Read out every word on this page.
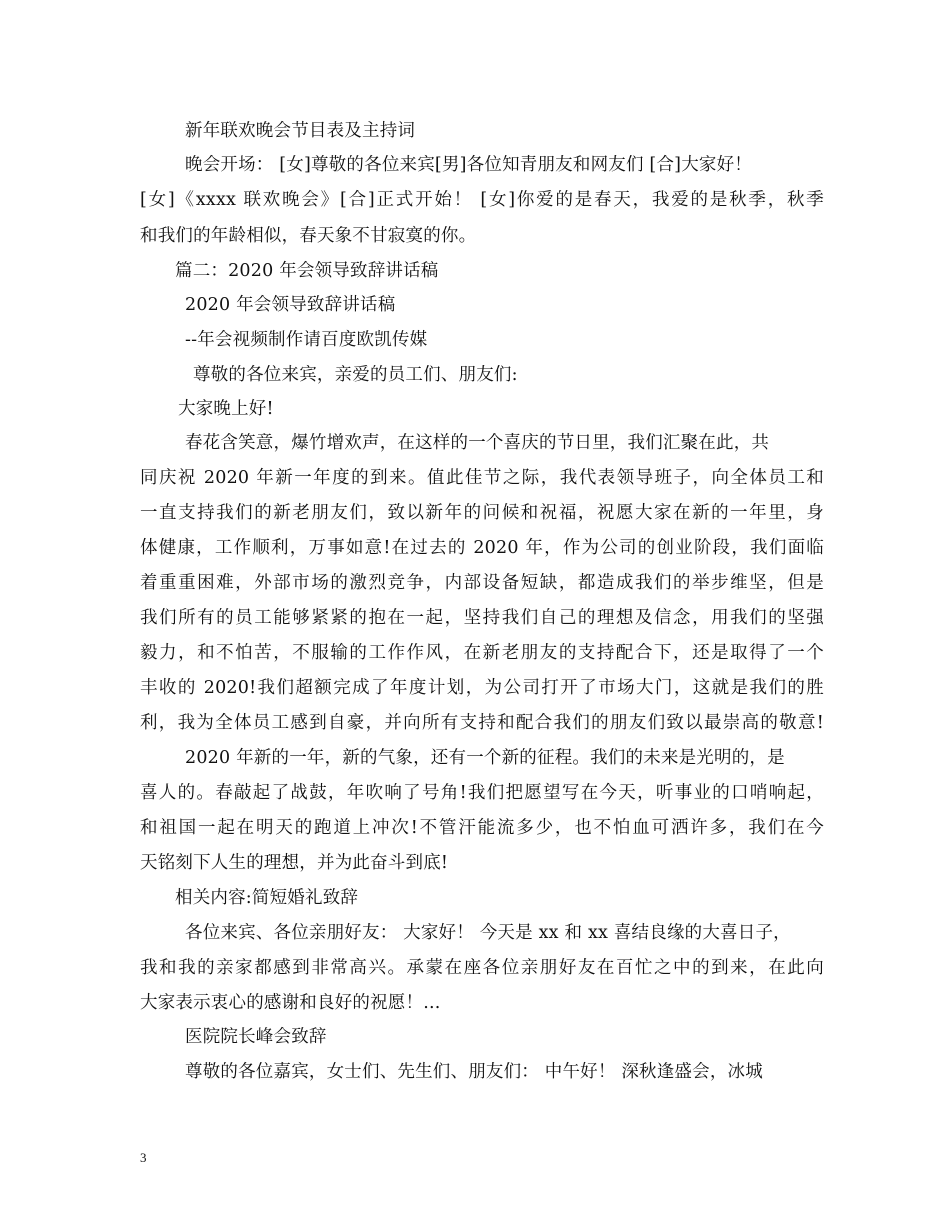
新年联欢晚会节目表及主持词
晚会开场： [女]尊敬的各位来宾[男]各位知青朋友和网友们 [合]大家好！
[女]《xxxx 联欢晚会》[合]正式开始！ [女]你爱的是春天，我爱的是秋季，秋季
和我们的年龄相似，春天象不甘寂寞的你。
篇二：2020 年会领导致辞讲话稿
2020 年会领导致辞讲话稿
--年会视频制作请百度欧凯传媒
尊敬的各位来宾，亲爱的员工们、朋友们:
大家晚上好!
春花含笑意，爆竹增欢声，在这样的一个喜庆的节日里，我们汇聚在此，共
同庆祝 2020 年新一年度的到来。值此佳节之际，我代表领导班子，向全体员工和
一直支持我们的新老朋友们，致以新年的问候和祝福，祝愿大家在新的一年里，身
体健康，工作顺利，万事如意!在过去的 2020 年，作为公司的创业阶段，我们面临
着重重困难，外部市场的激烈竞争，内部设备短缺，都造成我们的举步维坚，但是
我们所有的员工能够紧紧的抱在一起，坚持我们自己的理想及信念，用我们的坚强
毅力，和不怕苦，不服输的工作作风，在新老朋友的支持配合下，还是取得了一个
丰收的 2020!我们超额完成了年度计划，为公司打开了市场大门，这就是我们的胜
利，我为全体员工感到自豪，并向所有支持和配合我们的朋友们致以最崇高的敬意!
2020 年新的一年，新的气象，还有一个新的征程。我们的未来是光明的，是
喜人的。春敲起了战鼓，年吹响了号角!我们把愿望写在今天，听事业的口哨响起，
和祖国一起在明天的跑道上冲次!不管汗能流多少，也不怕血可洒许多，我们在今
天铭刻下人生的理想，并为此奋斗到底!
相关内容:简短婚礼致辞
各位来宾、各位亲朋好友： 大家好！ 今天是 xx 和 xx 喜结良缘的大喜日子，
我和我的亲家都感到非常高兴。承蒙在座各位亲朋好友在百忙之中的到来，在此向
大家表示衷心的感谢和良好的祝愿！...
医院院长峰会致辞
尊敬的各位嘉宾，女士们、先生们、朋友们： 中午好！ 深秋逢盛会，冰城
3
